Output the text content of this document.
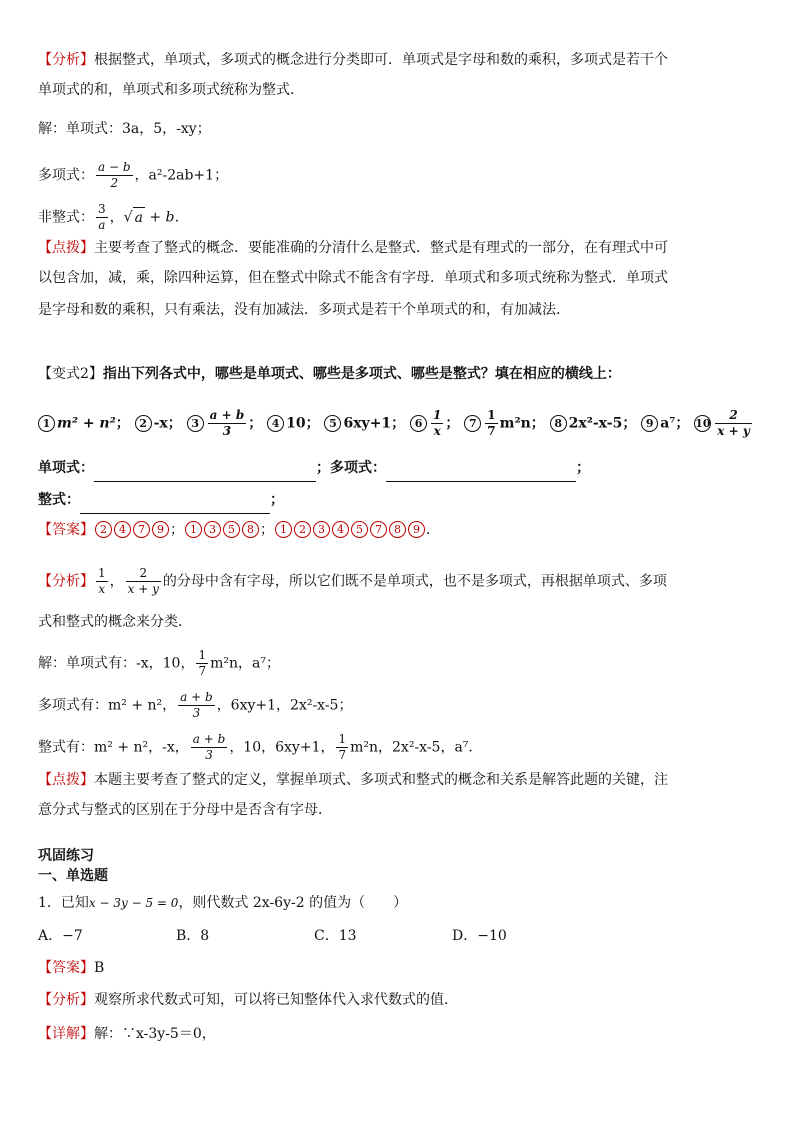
【分析】根据整式，单项式，多项式的概念进行分类即可．单项式是字母和数的乘积，多项式是若干个
单项式的和，单项式和多项式统称为整式．
解：单项式：3a，5，-xy；
多项式： $\frac{a - b}{2}$ ，a²-2ab+1；
非整式： $\frac{3}{a}$ ，√ a + b．
【点拨】主要考查了整式的概念．要能准确的分清什么是整式．整式是有理式的一部分，在有理式中可
以包含加，减，乘，除四种运算，但在整式中除式不能含有字母．单项式和多项式统称为整式．单项式
是字母和数的乘积，只有乘法，没有加减法．多项式是若干个单项式的和，有加减法．
【变式2】指出下列各式中，哪些是单项式、哪些是多项式、哪些是整式？填在相应的横线上：
1 m² + n²； 2 -x； $3 \frac{a + b}{3}$ ； 4 10； 5 6xy+1； $6 \frac{1}{x}$ ； $7 \frac{1}{7} m^2n$； 8 2x²-x-5； 9 a⁷； $10 \frac{2}{x + y}$
单项式：	；多项式：	；
整式：	；
【答案】 2 4 7 9 ； 1 3 5 8 ； 1 2 3 4 5 7 8 9 ．
【分析】 $\frac{1}{x}$ ， $\frac{2}{x + y}$ 的分母中含有字母，所以它们既不是单项式，也不是多项式，再根据单项式、多项
式和整式的概念来分类．
解：单项式有：-x，10， $\frac{1}{7} m^2n$，a⁷；
多项式有：m² + n²， $\frac{a + b}{3}$ ，6xy+1，2x²-x-5；
整式有：m² + n²，-x， $\frac{a + b}{3}$ ，10，6xy+1， $\frac{1}{7} m^2n$，2x²-x-5，a⁷．
【点拨】本题主要考查了整式的定义，掌握单项式、多项式和整式的概念和关系是解答此题的关键，注
意分式与整式的区别在于分母中是否含有字母．
巩固练习
一、单选题
1．已知x − 3y − 5 = 0，则代数式 2x-6y-2 的值为（　　）
A．−7	B．8	C．13	D．−10
【答案】B
【分析】观察所求代数式可知，可以将已知整体代入求代数式的值．
【详解】解：∵x-3y-5＝0，
